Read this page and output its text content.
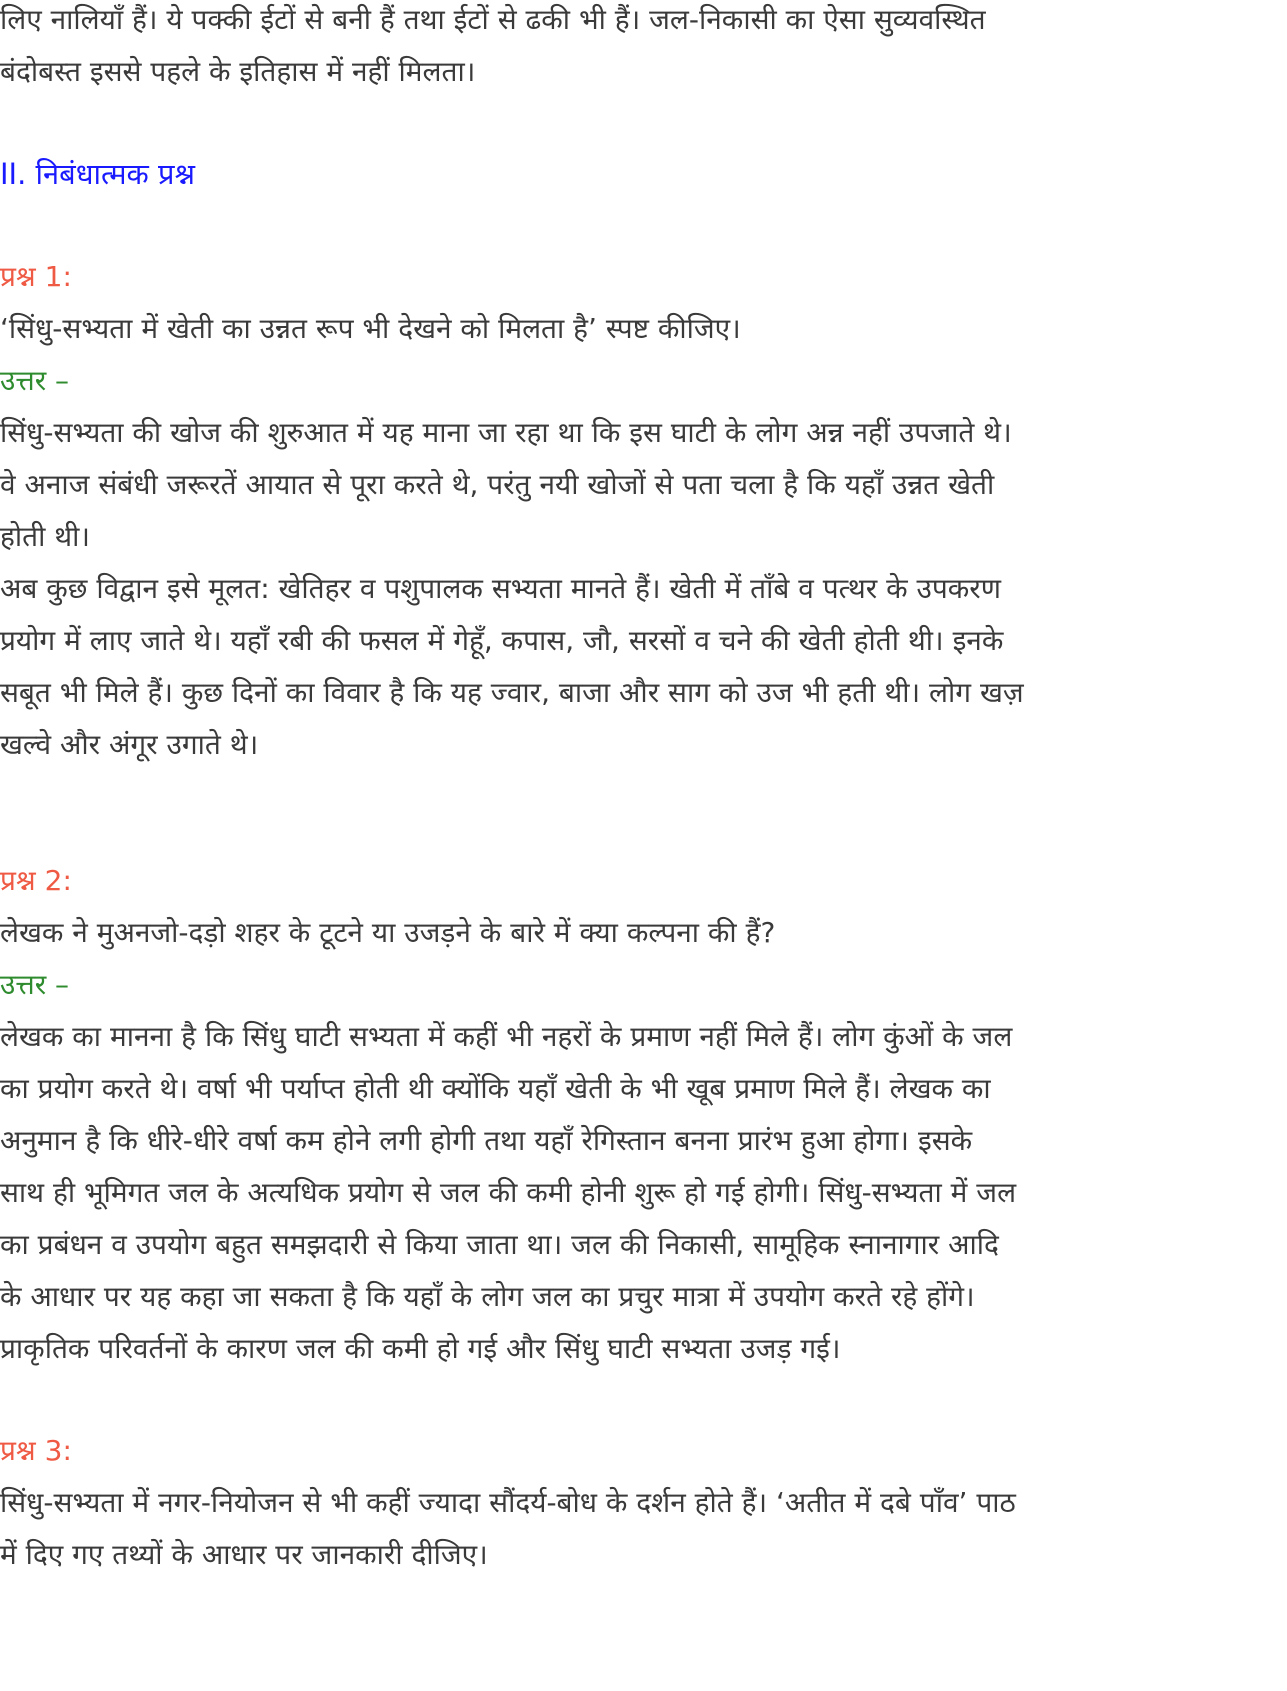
लिए नालियाँ हैं। ये पक्की ईटों से बनी हैं तथा ईटों से ढकी भी हैं। जल-निकासी का ऐसा सुव्यवस्थित
बंदोबस्त इससे पहले के इतिहास में नहीं मिलता।
II. निबंधात्मक प्रश्न
प्रश्न 1:
‘सिंधु-सभ्यता में खेती का उन्नत रूप भी देखने को मिलता है’ स्पष्ट कीजिए।
उत्तर –
सिंधु-सभ्यता की खोज की शुरुआत में यह माना जा रहा था कि इस घाटी के लोग अन्न नहीं उपजाते थे।
वे अनाज संबंधी जरूरतें आयात से पूरा करते थे, परंतु नयी खोजों से पता चला है कि यहाँ उन्नत खेती
होती थी।
अब कुछ विद्वान इसे मूलत: खेतिहर व पशुपालक सभ्यता मानते हैं। खेती में ताँबे व पत्थर के उपकरण
प्रयोग में लाए जाते थे। यहाँ रबी की फसल में गेहूँ, कपास, जौ, सरसों व चने की खेती होती थी। इनके
सबूत भी मिले हैं। कुछ दिनों का विवार है कि यह ज्वार, बाजा और साग को उज भी हती थी। लोग खज़
खल्वे और अंगूर उगाते थे।
प्रश्न 2:
लेखक ने मुअनजो-दड़ो शहर के टूटने या उजड़ने के बारे में क्या कल्पना की हैं?
उत्तर –
लेखक का मानना है कि सिंधु घाटी सभ्यता में कहीं भी नहरों के प्रमाण नहीं मिले हैं। लोग कुंओं के जल
का प्रयोग करते थे। वर्षा भी पर्याप्त होती थी क्योंकि यहाँ खेती के भी खूब प्रमाण मिले हैं। लेखक का
अनुमान है कि धीरे-धीरे वर्षा कम होने लगी होगी तथा यहाँ रेगिस्तान बनना प्रारंभ हुआ होगा। इसके
साथ ही भूमिगत जल के अत्यधिक प्रयोग से जल की कमी होनी शुरू हो गई होगी। सिंधु-सभ्यता में जल
का प्रबंधन व उपयोग बहुत समझदारी से किया जाता था। जल की निकासी, सामूहिक स्नानागार आदि
के आधार पर यह कहा जा सकता है कि यहाँ के लोग जल का प्रचुर मात्रा में उपयोग करते रहे होंगे।
प्राकृतिक परिवर्तनों के कारण जल की कमी हो गई और सिंधु घाटी सभ्यता उजड़ गई।
प्रश्न 3:
सिंधु-सभ्यता में नगर-नियोजन से भी कहीं ज्यादा सौंदर्य-बोध के दर्शन होते हैं। ‘अतीत में दबे पाँव’ पाठ
में दिए गए तथ्यों के आधार पर जानकारी दीजिए।
